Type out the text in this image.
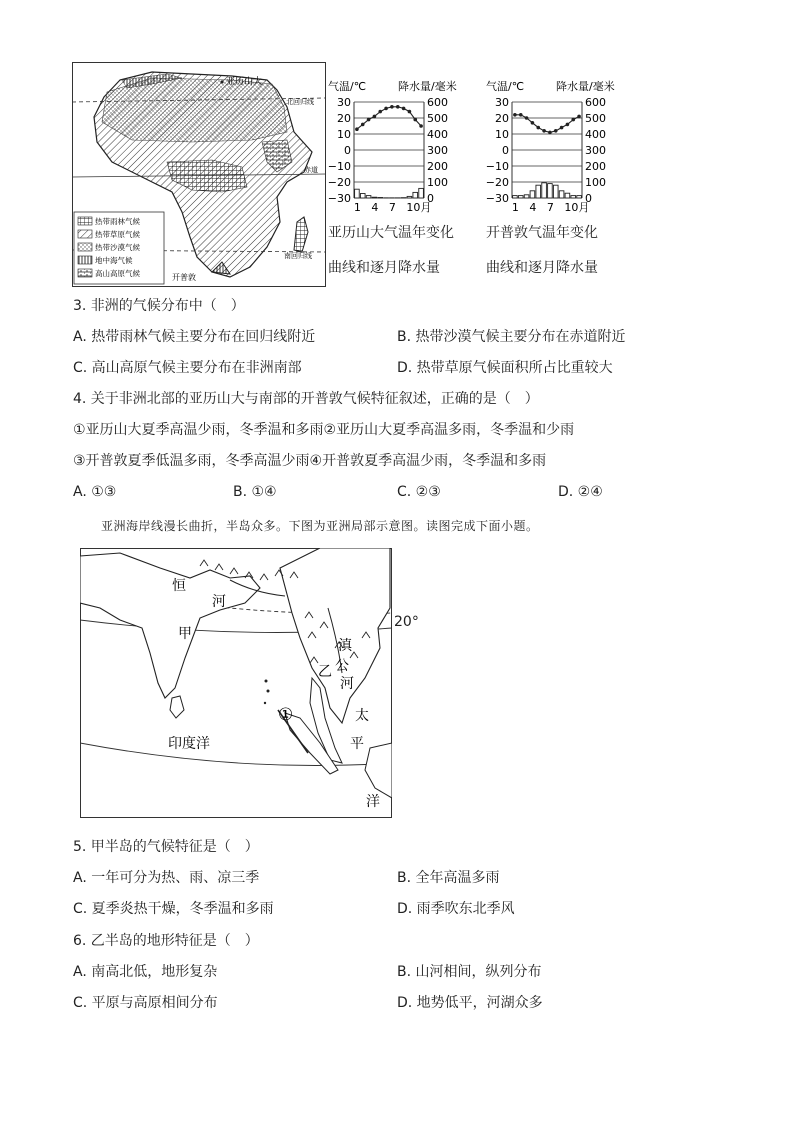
亚历山大
北回归线
赤道
南回归线
开普敦
热带雨林气候
热带草原气候
热带沙漠气候
地中海气候
高山高原气候
气温/℃	降水量/毫米
30	600
20	500
10	400
0	300
−10	200
−20	100
−30	0
1 4 7 10月
气温/℃	降水量/毫米
30	600
20	500
10	400
0	300
−10	200
−20	100
−30	0
1 4 7 10月
亚历山大气温年变化
曲线和逐月降水量
开普敦气温年变化
曲线和逐月降水量
3. 非洲的气候分布中（　）
A. 热带雨林气候主要分布在回归线附近	B. 热带沙漠气候主要分布在赤道附近
C. 高山高原气候主要分布在非洲南部	D. 热带草原气候面积所占比重较大
4. 关于非洲北部的亚历山大与南部的开普敦气候特征叙述，正确的是（　）
①亚历山大夏季高温少雨，冬季温和多雨②亚历山大夏季高温多雨，冬季温和少雨
③开普敦夏季低温多雨，冬季高温少雨④开普敦夏季高温少雨，冬季温和多雨
A. ①③	B. ①④	C. ②③	D. ②④
亚洲海岸线漫长曲折，半岛众多。下图为亚洲局部示意图。读图完成下面小题。
恒
河
甲
滇
乙 公
河
①	太
平
洋
印度洋
20°
5. 甲半岛的气候特征是（　）
A. 一年可分为热、雨、凉三季	B. 全年高温多雨
C. 夏季炎热干燥，冬季温和多雨	D. 雨季吹东北季风
6. 乙半岛的地形特征是（　）
A. 南高北低，地形复杂	B. 山河相间，纵列分布
C. 平原与高原相间分布	D. 地势低平，河湖众多
